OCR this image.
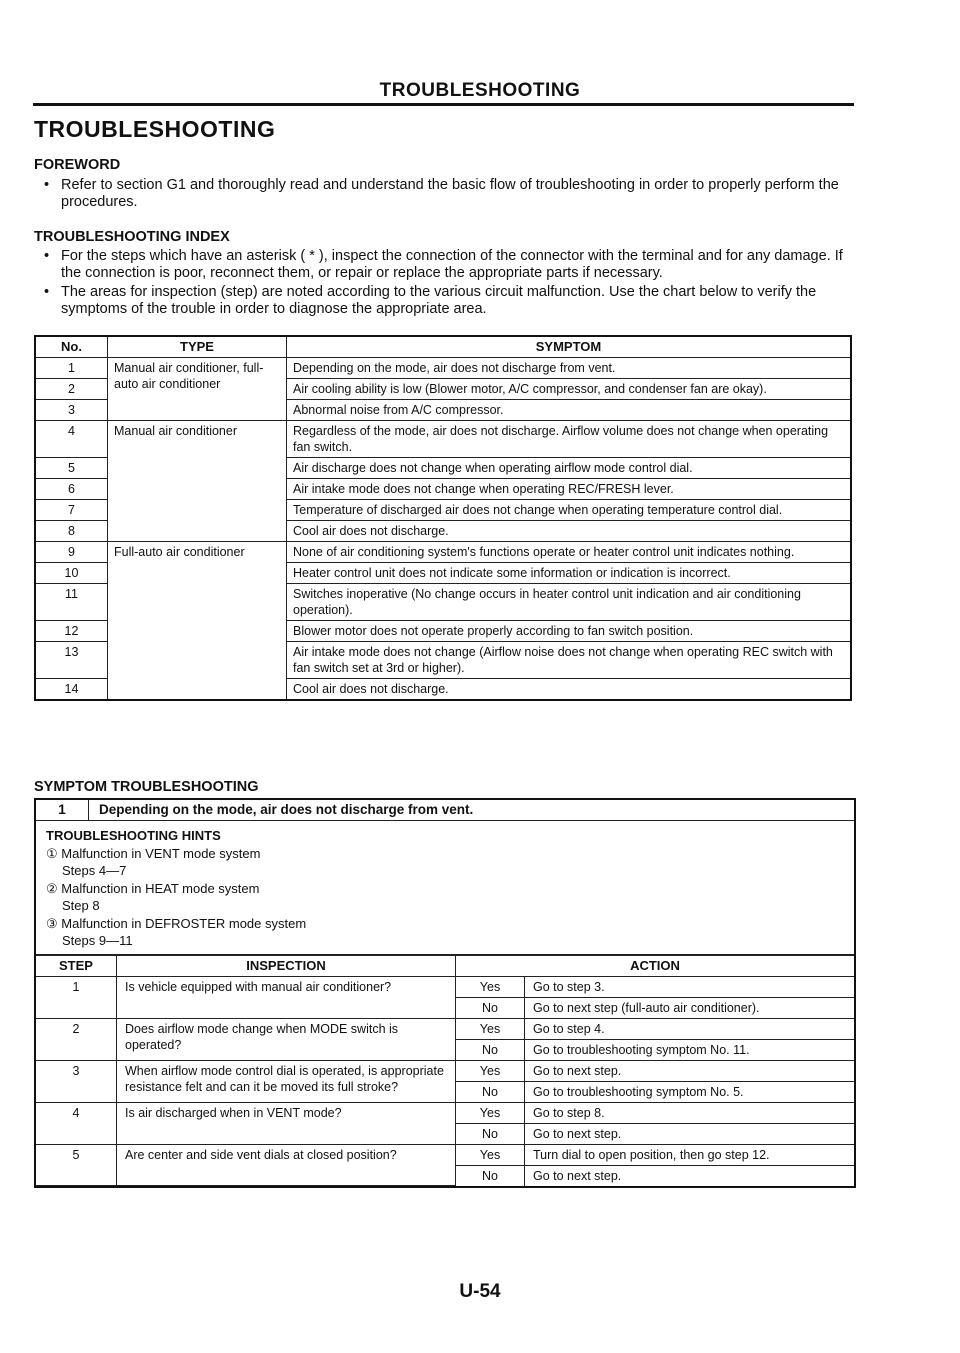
TROUBLESHOOTING
TROUBLESHOOTING
FOREWORD
• Refer to section G1 and thoroughly read and understand the basic flow of troubleshooting in order to properly perform the procedures.
TROUBLESHOOTING INDEX
• For the steps which have an asterisk ( * ), inspect the connection of the connector with the terminal and for any damage. If the connection is poor, reconnect them, or repair or replace the appropriate parts if necessary.
• The areas for inspection (step) are noted according to the various circuit malfunction. Use the chart below to verify the symptoms of the trouble in order to diagnose the appropriate area.
No.	TYPE	SYMPTOM
1	Manual air conditioner, full-auto air conditioner	Depending on the mode, air does not discharge from vent.
2		Air cooling ability is low (Blower motor, A/C compressor, and condenser fan are okay).
3		Abnormal noise from A/C compressor.
4	Manual air conditioner	Regardless of the mode, air does not discharge. Airflow volume does not change when operating fan switch.
5		Air discharge does not change when operating airflow mode control dial.
6		Air intake mode does not change when operating REC/FRESH lever.
7		Temperature of discharged air does not change when operating temperature control dial.
8		Cool air does not discharge.
9	Full-auto air conditioner	None of air conditioning system's functions operate or heater control unit indicates nothing.
10		Heater control unit does not indicate some information or indication is incorrect.
11		Switches inoperative (No change occurs in heater control unit indication and air conditioning operation).
12		Blower motor does not operate properly according to fan switch position.
13		Air intake mode does not change (Airflow noise does not change when operating REC switch with fan switch set at 3rd or higher).
14		Cool air does not discharge.
SYMPTOM TROUBLESHOOTING
1	Depending on the mode, air does not discharge from vent.
TROUBLESHOOTING HINTS
① Malfunction in VENT mode system
Steps 4—7
② Malfunction in HEAT mode system
Step 8
③ Malfunction in DEFROSTER mode system
Steps 9—11
STEP	INSPECTION	ACTION	
1	Is vehicle equipped with manual air conditioner?	Yes	Go to step 3.
		No	Go to next step (full-auto air conditioner).
2	Does airflow mode change when MODE switch is operated?	Yes	Go to step 4.
		No	Go to troubleshooting symptom No. 11.
3	When airflow mode control dial is operated, is appropriate resistance felt and can it be moved its full stroke?	Yes	Go to next step.
		No	Go to troubleshooting symptom No. 5.
4	Is air discharged when in VENT mode?	Yes	Go to step 8.
		No	Go to next step.
5	Are center and side vent dials at closed position?	Yes	Turn dial to open position, then go step 12.
		No	Go to next step.
U-54
